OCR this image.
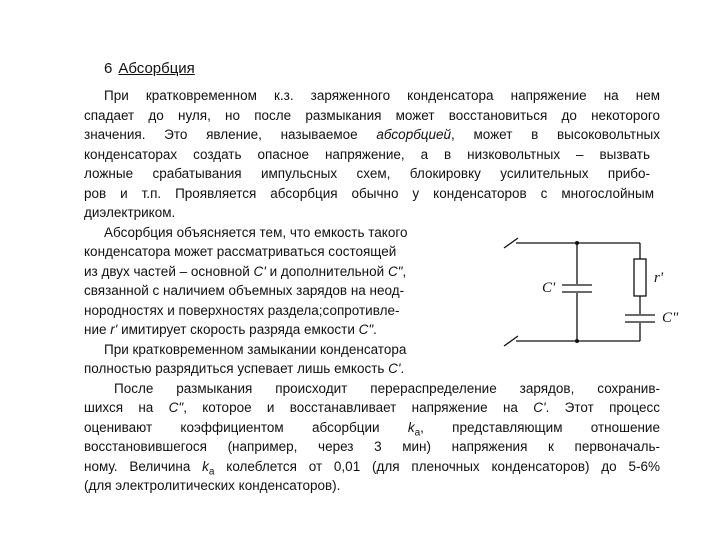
6 Абсорбция
При кратковременном к.з. заряженного конденсатора напряжение на нем
спадает до нуля, но после размыкания может восстановиться до некоторого
значения. Это явление, называемое абсорбцией, может в высоковольтных
конденсаторах создать опасное напряжение, а в низковольтных – вызвать
ложные срабатывания импульсных схем, блокировку усилительных прибо-
ров и т.п. Проявляется абсорбция обычно у конденсаторов с многослойным
диэлектриком.
Абсорбция объясняется тем, что емкость такого
конденсатора может рассматриваться состоящей
из двух частей – основной C' и дополнительной C",
связанной с наличием объемных зарядов на неод-
нородностях и поверхностях раздела;сопротивле-
ние r' имитирует скорость разряда емкости C".
При кратковременном замыкании конденсатора
полностью разрядиться успевает лишь емкость C'.
После размыкания происходит перераспределение зарядов, сохранив-
шихся на C", которое и восстанавливает напряжение на C'. Этот процесс
оценивают коэффициентом абсорбции $k_а$, представляющим отношение
восстановившегося (например, через 3 мин) напряжения к первоначаль-
ному. Величина $k_а$ колеблется от 0,01 (для пленочных конденсаторов) до 5-6%
(для электролитических конденсаторов).
C'
r'
C"
